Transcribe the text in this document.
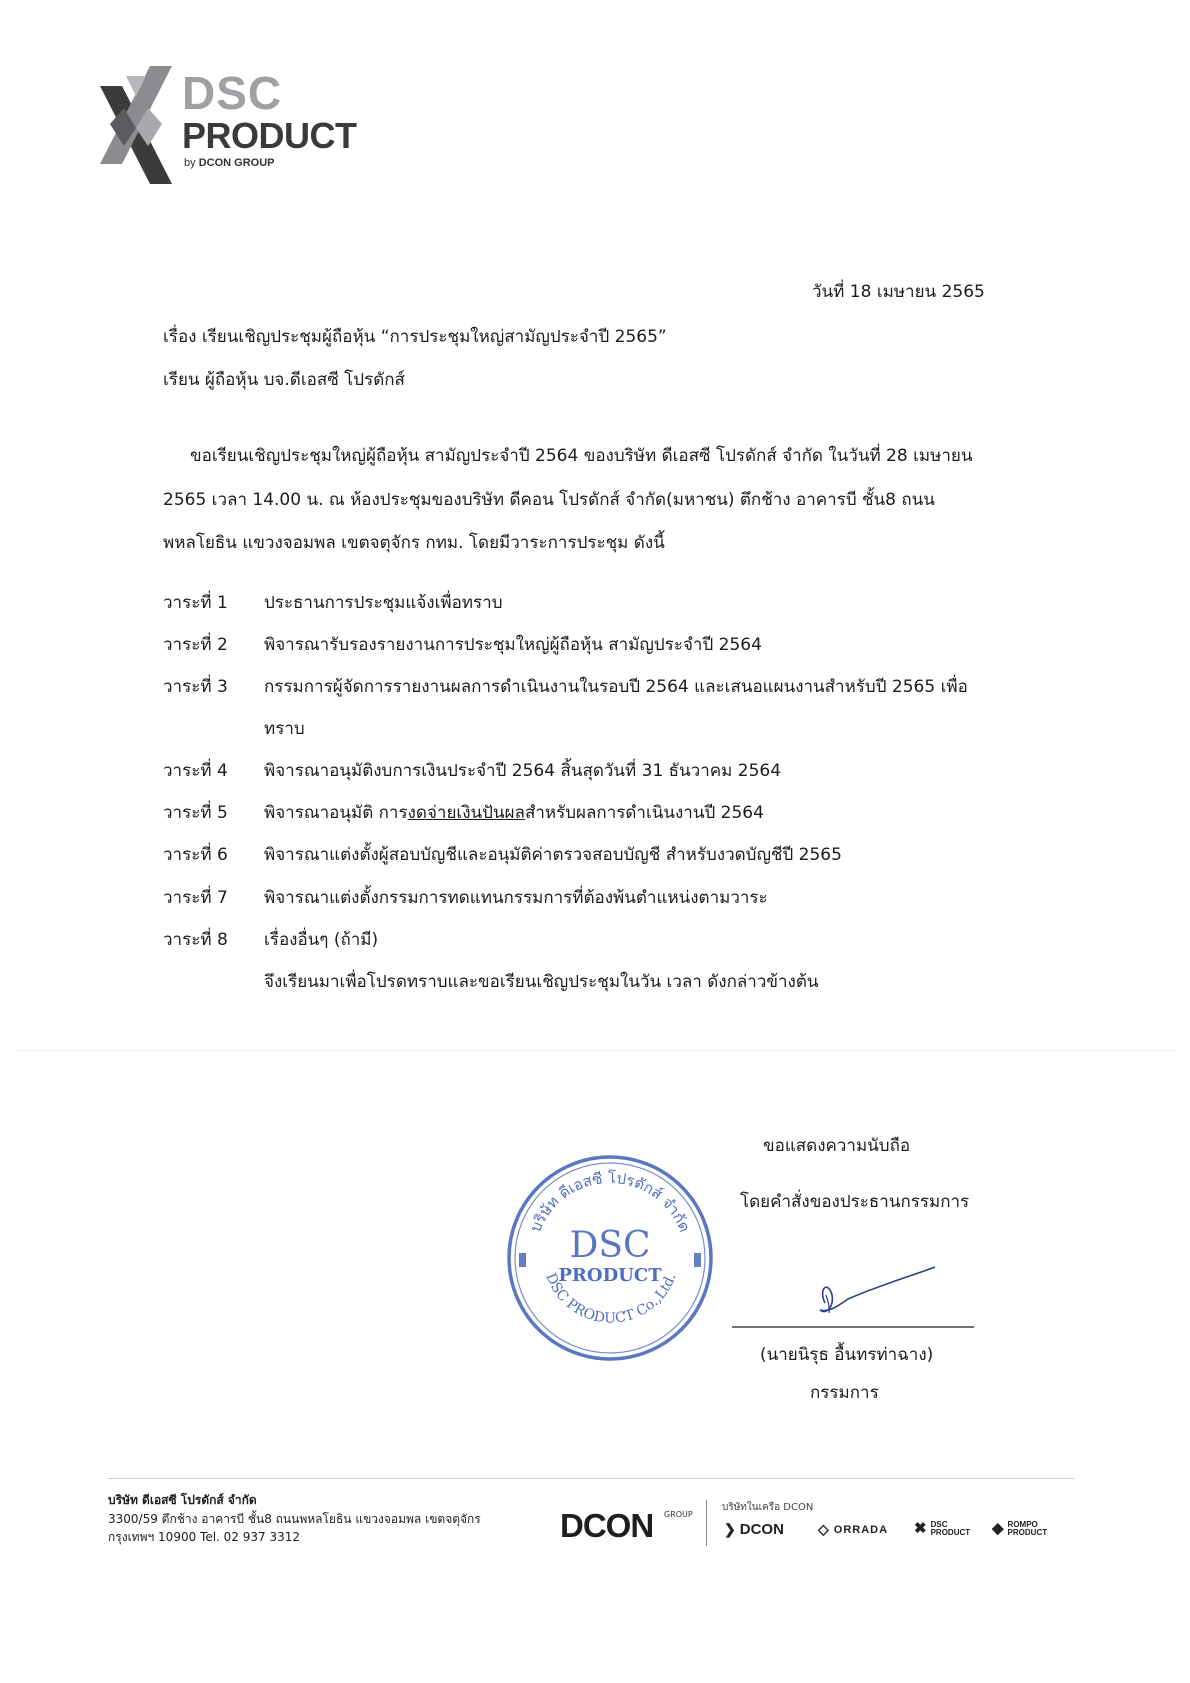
DSC
PRODUCT
by DCON GROUP
วันที่ 18 เมษายน 2565
เรื่อง เรียนเชิญประชุมผู้ถือหุ้น “การประชุมใหญ่สามัญประจำปี 2565”
เรียน ผู้ถือหุ้น บจ.ดีเอสซี โปรดักส์
ขอเรียนเชิญประชุมใหญ่ผู้ถือหุ้น สามัญประจำปี 2564 ของบริษัท ดีเอสซี โปรดักส์ จำกัด ในวันที่ 28 เมษายน
2565 เวลา 14.00 น. ณ ห้องประชุมของบริษัท ดีคอน โปรดักส์ จำกัด(มหาชน) ตึกช้าง อาคารบี ชั้น8 ถนน
พหลโยธิน แขวงจอมพล เขตจตุจักร กทม. โดยมีวาระการประชุม ดังนี้
วาระที่ 1 ประธานการประชุมแจ้งเพื่อทราบ
วาระที่ 2 พิจารณารับรองรายงานการประชุมใหญ่ผู้ถือหุ้น สามัญประจำปี 2564
วาระที่ 3 กรรมการผู้จัดการรายงานผลการดำเนินงานในรอบปี 2564 และเสนอแผนงานสำหรับปี 2565 เพื่อ
ทราบ
วาระที่ 4 พิจารณาอนุมัติงบการเงินประจำปี 2564 สิ้นสุดวันที่ 31 ธันวาคม 2564
วาระที่ 5 พิจารณาอนุมัติ การงดจ่ายเงินปันผลสำหรับผลการดำเนินงานปี 2564
วาระที่ 6 พิจารณาแต่งตั้งผู้สอบบัญชีและอนุมัติค่าตรวจสอบบัญชี สำหรับงวดบัญชีปี 2565
วาระที่ 7 พิจารณาแต่งตั้งกรรมการทดแทนกรรมการที่ต้องพ้นตำแหน่งตามวาระ
วาระที่ 8 เรื่องอื่นๆ (ถ้ามี)
จึงเรียนมาเพื่อโปรดทราบและขอเรียนเชิญประชุมในวัน เวลา ดังกล่าวข้างต้น
ขอแสดงความนับถือ
โดยคำสั่งของประธานกรรมการ
(นายนิรุธ อื้นทรท่าฉาง)
กรรมการ
บริษัท ดีเอสซี โปรดักส์ จำกัด
DSC PRODUCT Co.,Ltd.
DSC
PRODUCT
บริษัท ดีเอสซี โปรดักส์ จำกัด
3300/59 ตึกช้าง อาคารบี ชั้น8 ถนนพหลโยธิน แขวงจอมพล เขตจตุจักร
กรุงเทพฯ 10900 Tel. 02 937 3312	DCON GROUP
บริษัทในเครือ DCON
❯ DCON ◇ ORRADA ✖ DSC PRODUCT	◆ ROMPO PRODUCT
